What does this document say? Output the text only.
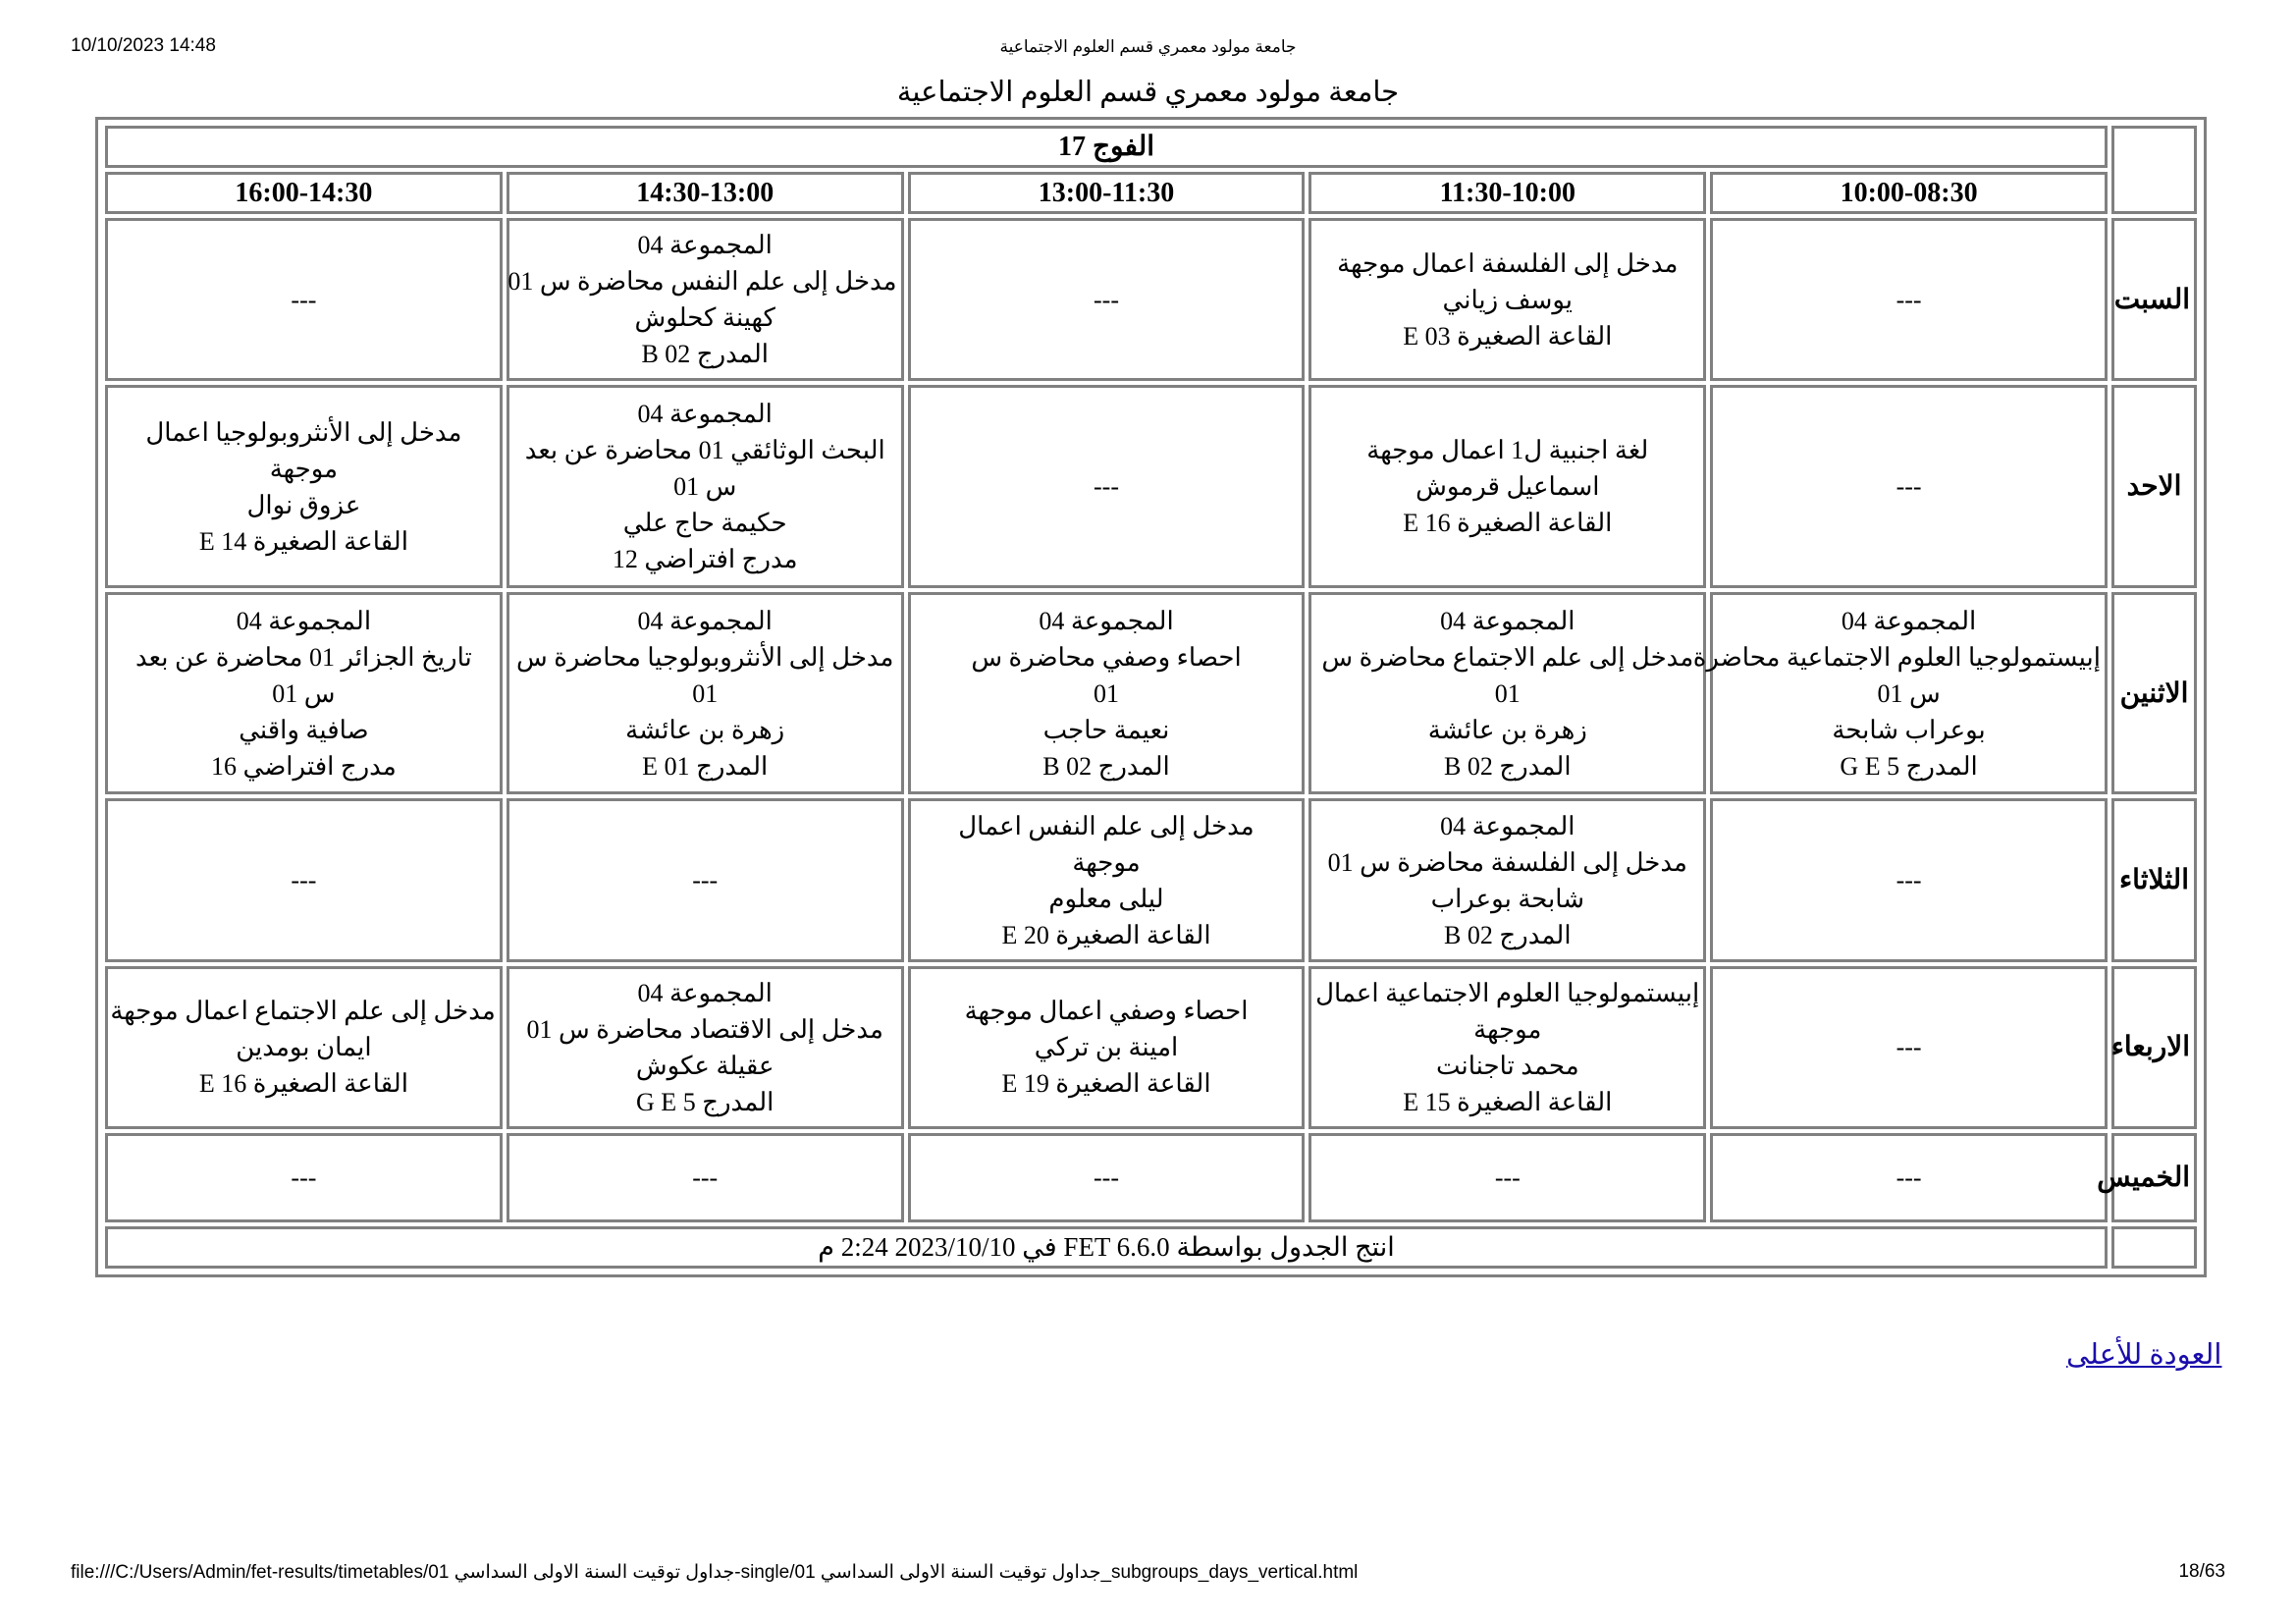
10/10/2023 14:48	جامعة مولود معمري قسم العلوم الاجتماعية
جامعة مولود معمري قسم العلوم الاجتماعية
	الفوج 17				
	10:00-08:30	11:30-10:00	13:00-11:30	14:30-13:00	16:00-14:30
السبت	---	مدخل إلى الفلسفة اعمال موجهة
يوسف زياني
القاعة الصغيرة 03 E	---	المجموعة 04
مدخل إلى علم النفس محاضرة س 01
كهينة كحلوش
المدرج 02 B	---

الاحد	---	لغة اجنبية ل1 اعمال موجهة
اسماعيل قرموش
القاعة الصغيرة 16 E	---	المجموعة 04
البحث الوثائقي 01 محاضرة عن بعد
س 01
حكيمة حاج علي
مدرج افتراضي 12	مدخل إلى الأنثروبولوجيا اعمال
موجهة
عزوق نوال
القاعة الصغيرة 14 E

الاثنين	المجموعة 04
إبيستمولوجيا العلوم الاجتماعية محاضرة
س 01
بوعراب شابحة
المدرج 5 G E	المجموعة 04
مدخل إلى علم الاجتماع محاضرة س
01
زهرة بن عائشة
المدرج 02 B	المجموعة 04
احصاء وصفي محاضرة س
01
نعيمة حاجب
المدرج 02 B	المجموعة 04
مدخل إلى الأنثروبولوجيا محاضرة س
01
زهرة بن عائشة
المدرج 01 E	المجموعة 04
تاريخ الجزائر 01 محاضرة عن بعد
س 01
صافية واقني
مدرج افتراضي 16

الثلاثاء	---	المجموعة 04
مدخل إلى الفلسفة محاضرة س 01
شابحة بوعراب
المدرج 02 B	مدخل إلى علم النفس اعمال
موجهة
ليلى معلوم
القاعة الصغيرة 20 E	---	---

الاربعاء	---	إبيستمولوجيا العلوم الاجتماعية اعمال
موجهة
محمد تاجنانت
القاعة الصغيرة 15 E	احصاء وصفي اعمال موجهة
امينة بن تركي
القاعة الصغيرة 19 E	المجموعة 04
مدخل إلى الاقتصاد محاضرة س 01
عقيلة عكوش
المدرج 5 G E	مدخل إلى علم الاجتماع اعمال موجهة
ايمان بومدين
القاعة الصغيرة 16 E

الخميس	---	---	---	---	---

	انتج الجدول بواسطة FET 6.6.0 في 2023/10/10 2:24 م				
العودة للأعلى
file:///C:/Users/Admin/fet-results/timetables/01 جداول توقيت السنة الاولى السداسي-single/01 جداول توقيت السنة الاولى السداسي_subgroups_days_vertical.html	18/63
